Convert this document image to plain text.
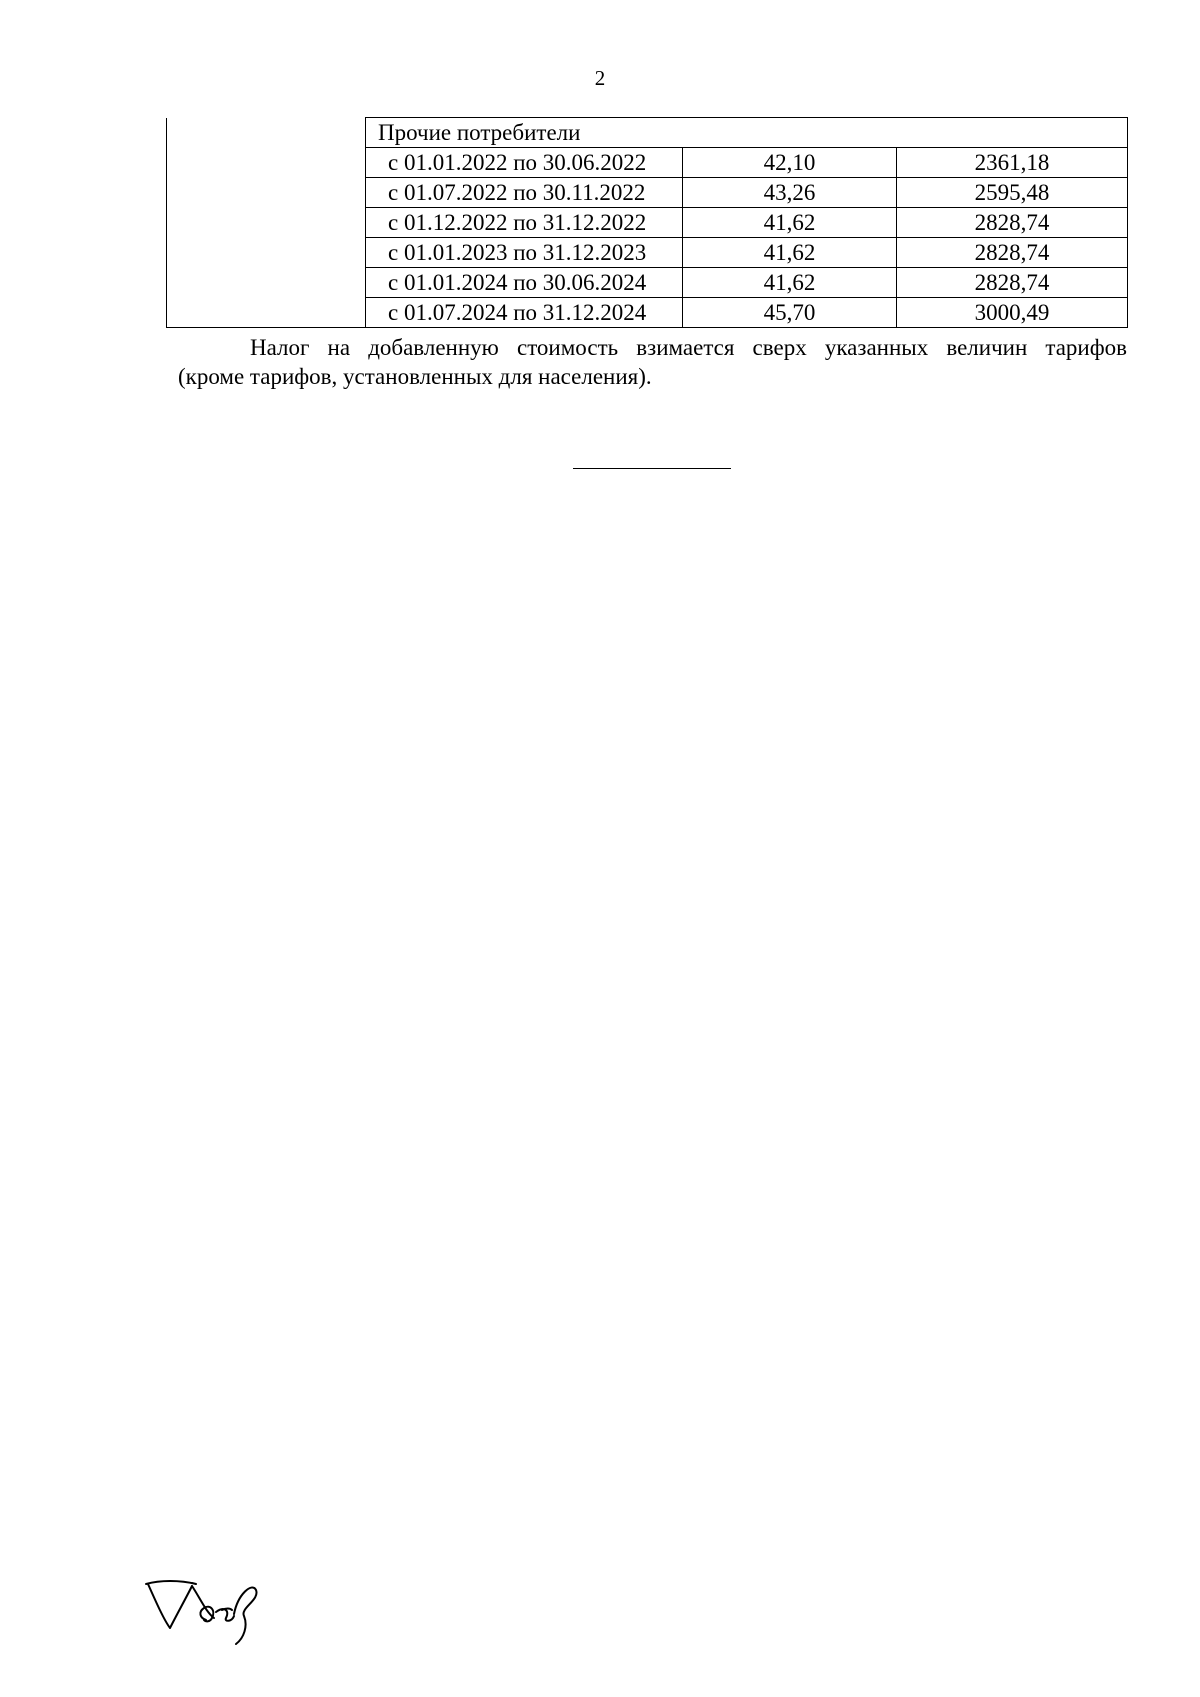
2
	Прочие потребители		
	с 01.01.2022 по 30.06.2022	42,10	2361,18
	с 01.07.2022 по 30.11.2022	43,26	2595,48
	с 01.12.2022 по 31.12.2022	41,62	2828,74
	с 01.01.2023 по 31.12.2023	41,62	2828,74
	с 01.01.2024 по 30.06.2024	41,62	2828,74
	с 01.07.2024 по 31.12.2024	45,70	3000,49

Налог на добавленную стоимость взимается сверх указанных величин тарифов
(кроме тарифов, установленных для населения).
